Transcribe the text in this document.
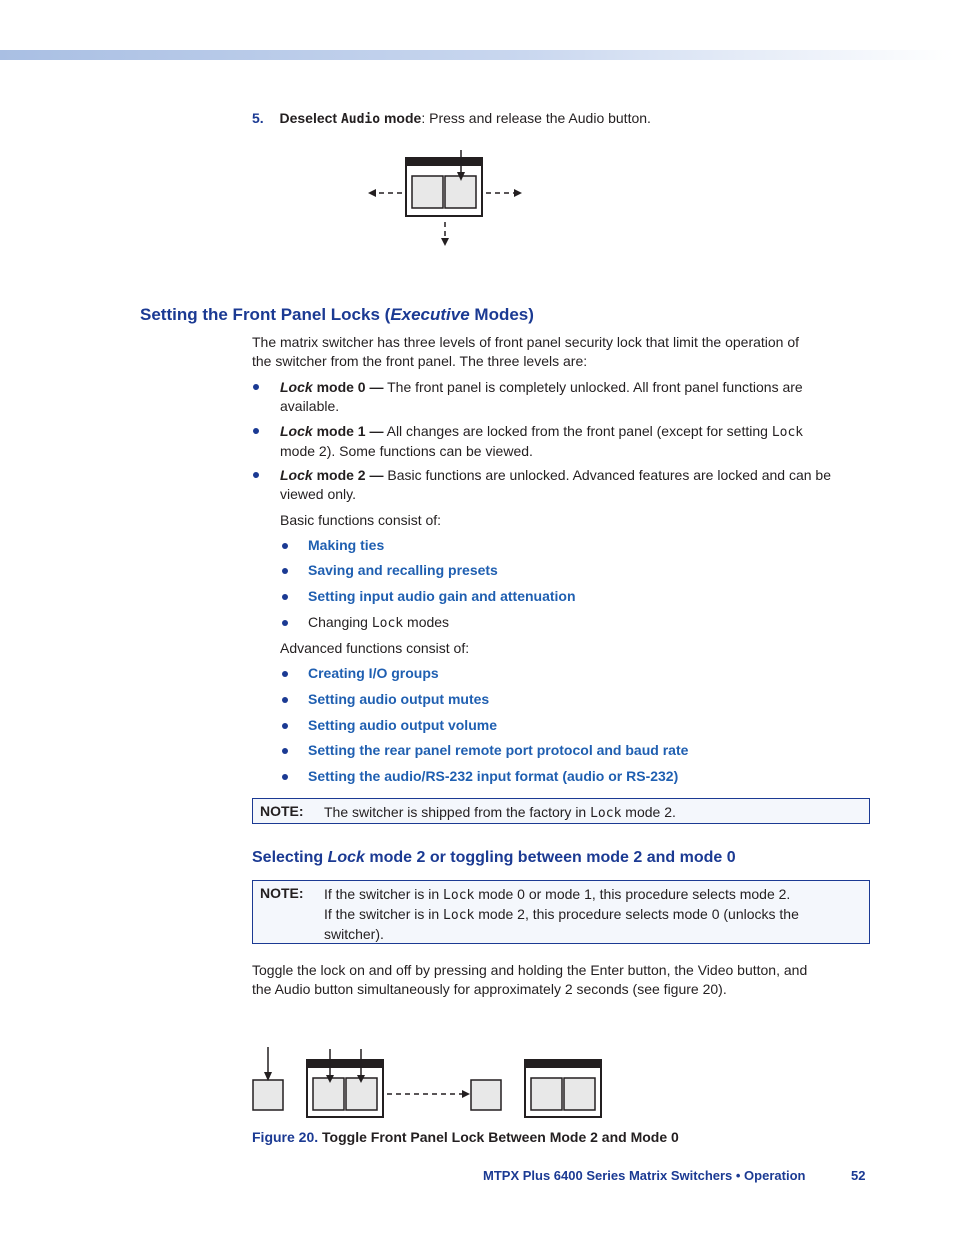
5. Deselect Audio mode: Press and release the Audio button.
Setting the Front Panel Locks (Executive Modes)
The matrix switcher has three levels of front panel security lock that limit the operation of
the switcher from the front panel. The three levels are:
Lock mode 0 — The front panel is completely unlocked. All front panel functions are
available.
Lock mode 1 — All changes are locked from the front panel (except for setting Lock
mode 2). Some functions can be viewed.
Lock mode 2 — Basic functions are unlocked. Advanced features are locked and can be
viewed only.
Basic functions consist of:
Making ties
Saving and recalling presets
Setting input audio gain and attenuation
Changing Lock modes
Advanced functions consist of:
Creating I/O groups
Setting audio output mutes
Setting audio output volume
Setting the rear panel remote port protocol and baud rate
Setting the audio/RS-232 input format (audio or RS-232)
NOTE: The switcher is shipped from the factory in Lock mode 2.
Selecting Lock mode 2 or toggling between mode 2 and mode 0
NOTE: If the switcher is in Lock mode 0 or mode 1, this procedure selects mode 2.
If the switcher is in Lock mode 2, this procedure selects mode 0 (unlocks the
switcher).
Toggle the lock on and off by pressing and holding the Enter button, the Video button, and
the Audio button simultaneously for approximately 2 seconds (see figure 20).
Figure 20. Toggle Front Panel Lock Between Mode 2 and Mode 0
MTPX Plus 6400 Series Matrix Switchers • Operation	52
